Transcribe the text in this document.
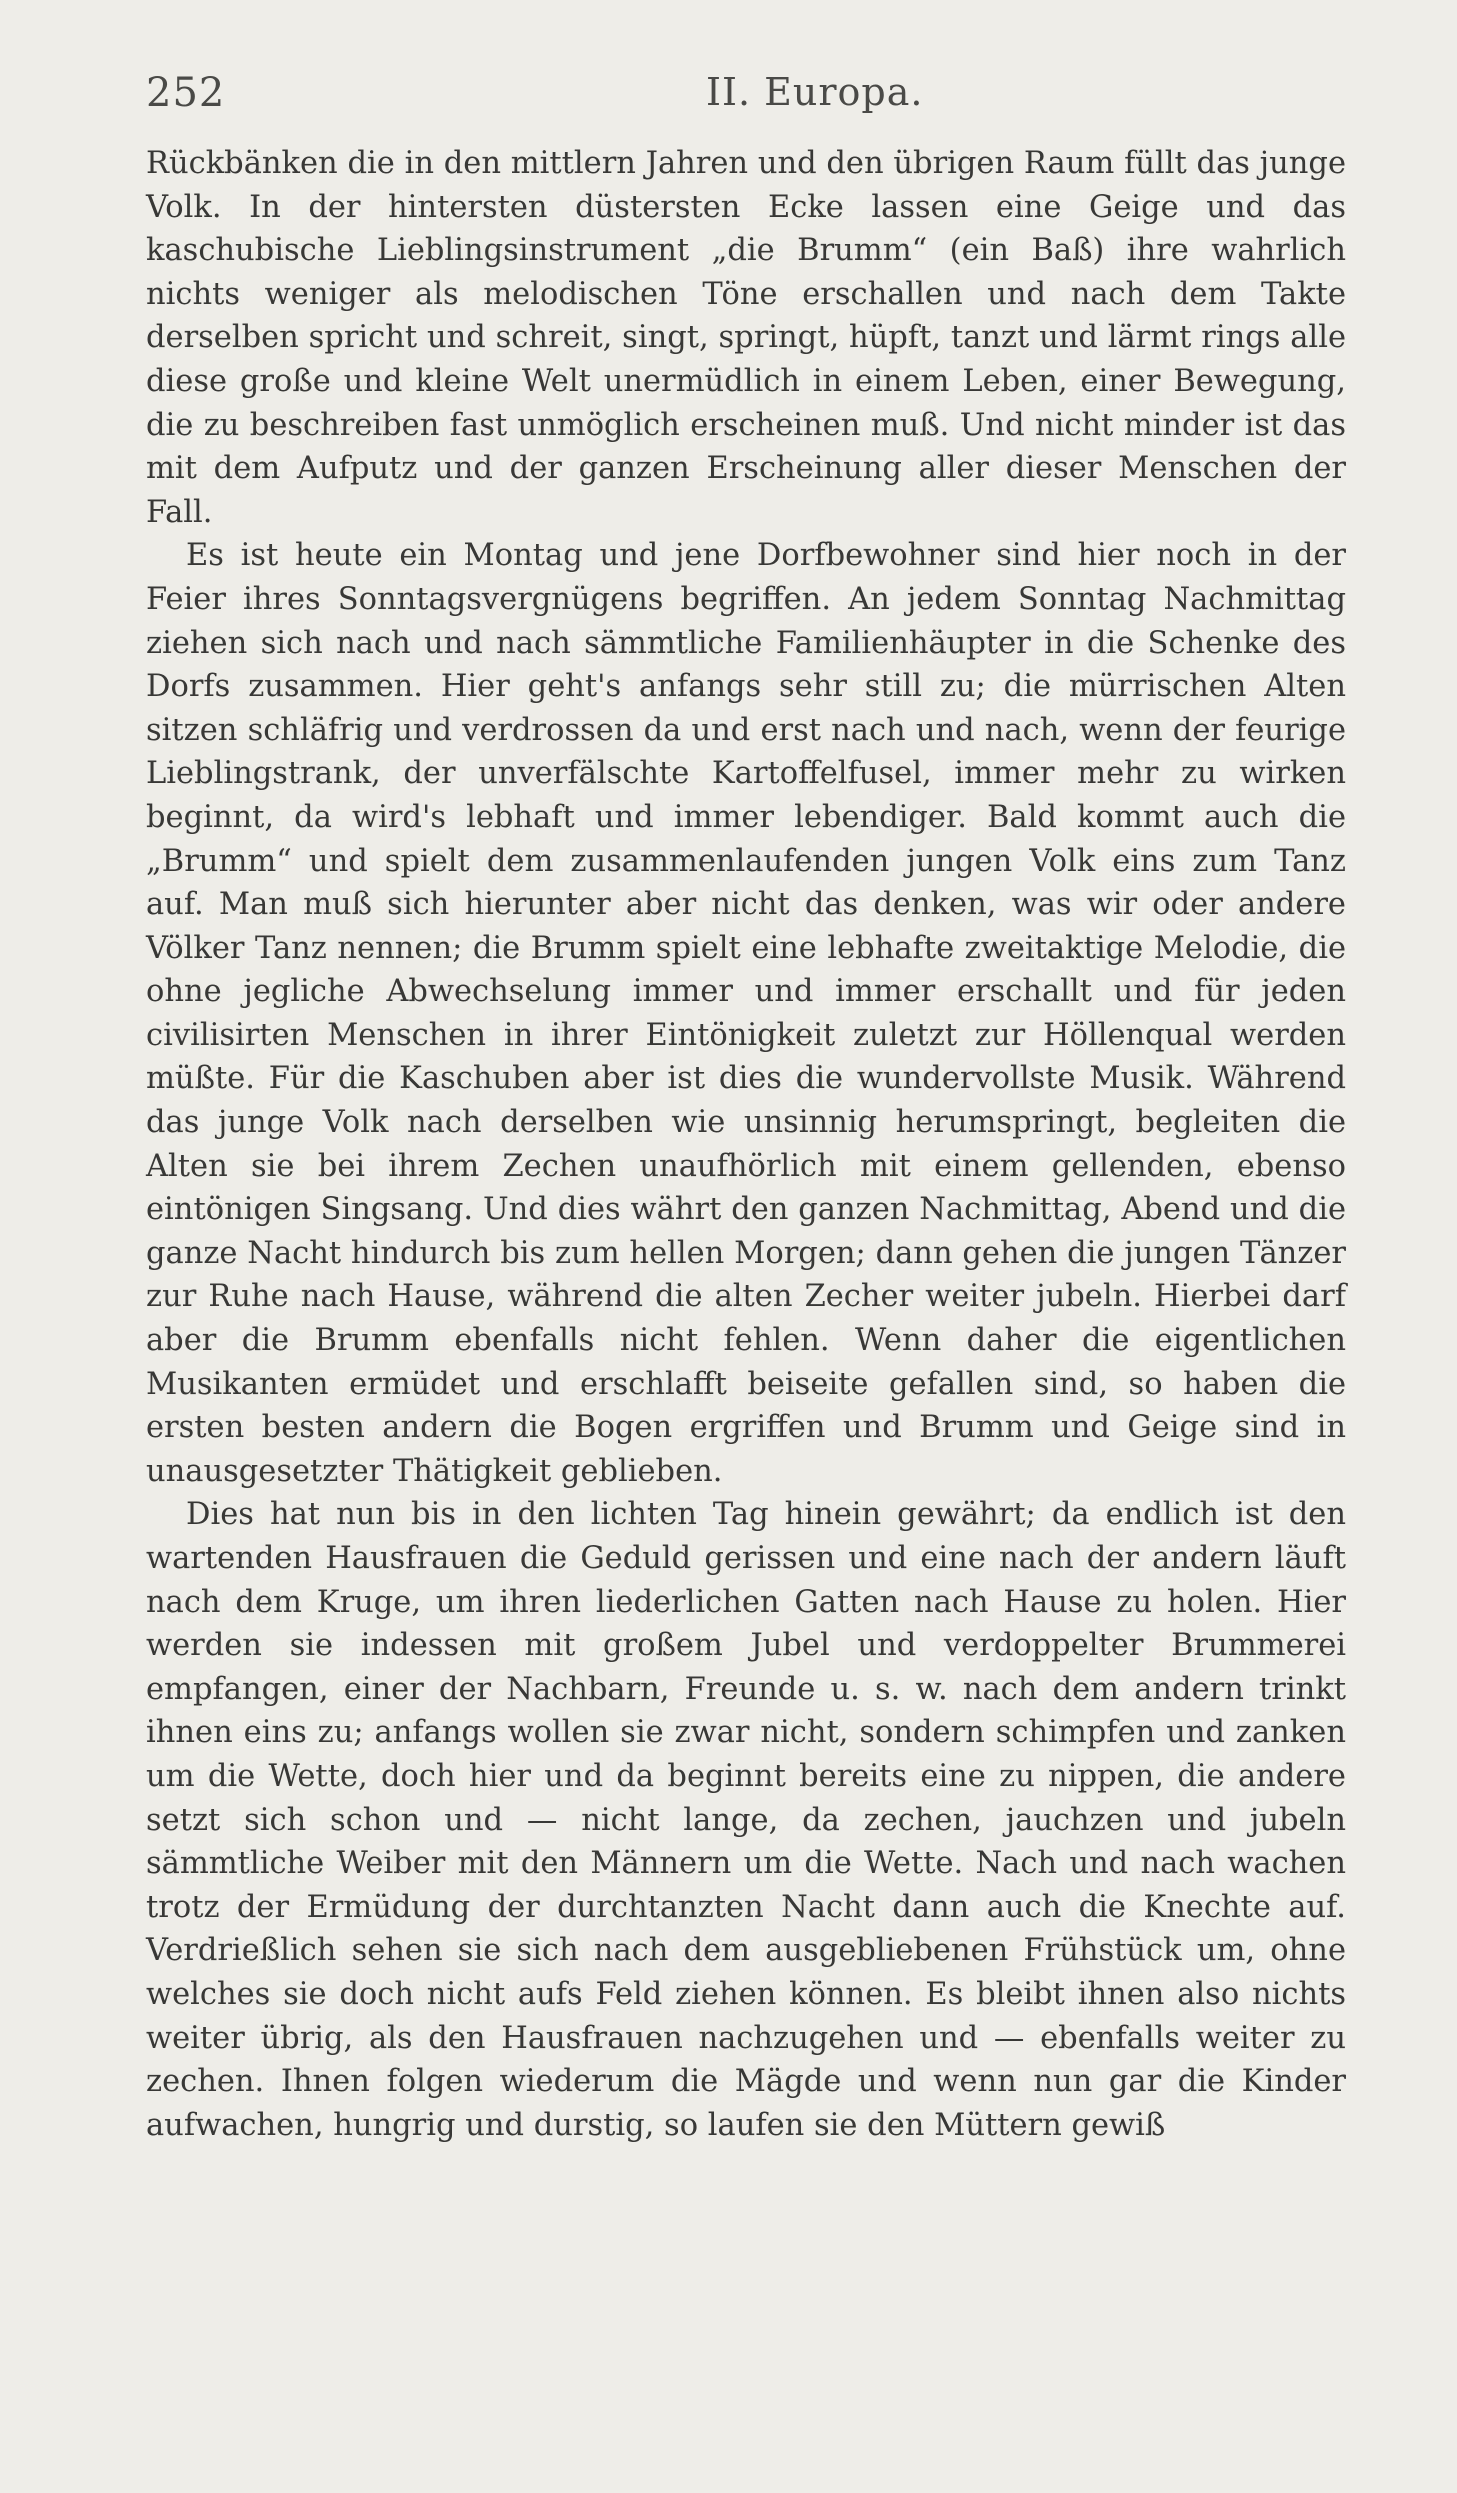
252	II. Europa.

Rückbänken die in den mittlern Jahren und den übrigen Raum füllt das junge Volk. In der hintersten düstersten Ecke lassen eine Geige und das kaschubische Lieblingsinstrument „die Brumm“ (ein Baß) ihre wahrlich nichts weniger als melodischen Töne erschallen und nach dem Takte derselben spricht und schreit, singt, springt, hüpft, tanzt und lärmt rings alle diese große und kleine Welt unermüdlich in einem Leben, einer Bewegung, die zu beschreiben fast unmöglich erscheinen muß. Und nicht minder ist das mit dem Aufputz und der ganzen Erscheinung aller dieser Menschen der Fall.

Es ist heute ein Montag und jene Dorfbewohner sind hier noch in der Feier ihres Sonntagsvergnügens begriffen. An jedem Sonntag Nachmittag ziehen sich nach und nach sämmtliche Familienhäupter in die Schenke des Dorfs zusammen. Hier geht's anfangs sehr still zu; die mürrischen Alten sitzen schläfrig und verdrossen da und erst nach und nach, wenn der feurige Lieblingstrank, der unverfälschte Kartoffelfusel, immer mehr zu wirken beginnt, da wird's lebhaft und immer lebendiger. Bald kommt auch die „Brumm“ und spielt dem zusammenlaufenden jungen Volk eins zum Tanz auf. Man muß sich hierunter aber nicht das denken, was wir oder andere Völker Tanz nennen; die Brumm spielt eine lebhafte zweitaktige Melodie, die ohne jegliche Abwechselung immer und immer erschallt und für jeden civilisirten Menschen in ihrer Eintönigkeit zuletzt zur Höllenqual werden müßte. Für die Kaschuben aber ist dies die wundervollste Musik. Während das junge Volk nach derselben wie unsinnig herumspringt, begleiten die Alten sie bei ihrem Zechen unaufhörlich mit einem gellenden, ebenso eintönigen Singsang. Und dies währt den ganzen Nachmittag, Abend und die ganze Nacht hindurch bis zum hellen Morgen; dann gehen die jungen Tänzer zur Ruhe nach Hause, während die alten Zecher weiter jubeln. Hierbei darf aber die Brumm ebenfalls nicht fehlen. Wenn daher die eigentlichen Musikanten ermüdet und erschlafft beiseite gefallen sind, so haben die ersten besten andern die Bogen ergriffen und Brumm und Geige sind in unausgesetzter Thätigkeit geblieben.

Dies hat nun bis in den lichten Tag hinein gewährt; da endlich ist den wartenden Hausfrauen die Geduld gerissen und eine nach der andern läuft nach dem Kruge, um ihren liederlichen Gatten nach Hause zu holen. Hier werden sie indessen mit großem Jubel und verdoppelter Brummerei empfangen, einer der Nachbarn, Freunde u. s. w. nach dem andern trinkt ihnen eins zu; anfangs wollen sie zwar nicht, sondern schimpfen und zanken um die Wette, doch hier und da beginnt bereits eine zu nippen, die andere setzt sich schon und — nicht lange, da zechen, jauchzen und jubeln sämmtliche Weiber mit den Männern um die Wette. Nach und nach wachen trotz der Ermüdung der durchtanzten Nacht dann auch die Knechte auf. Verdrießlich sehen sie sich nach dem ausgebliebenen Frühstück um, ohne welches sie doch nicht aufs Feld ziehen können. Es bleibt ihnen also nichts weiter übrig, als den Hausfrauen nachzugehen und — ebenfalls weiter zu zechen. Ihnen folgen wiederum die Mägde und wenn nun gar die Kinder aufwachen, hungrig und durstig, so laufen sie den Müttern gewiß
